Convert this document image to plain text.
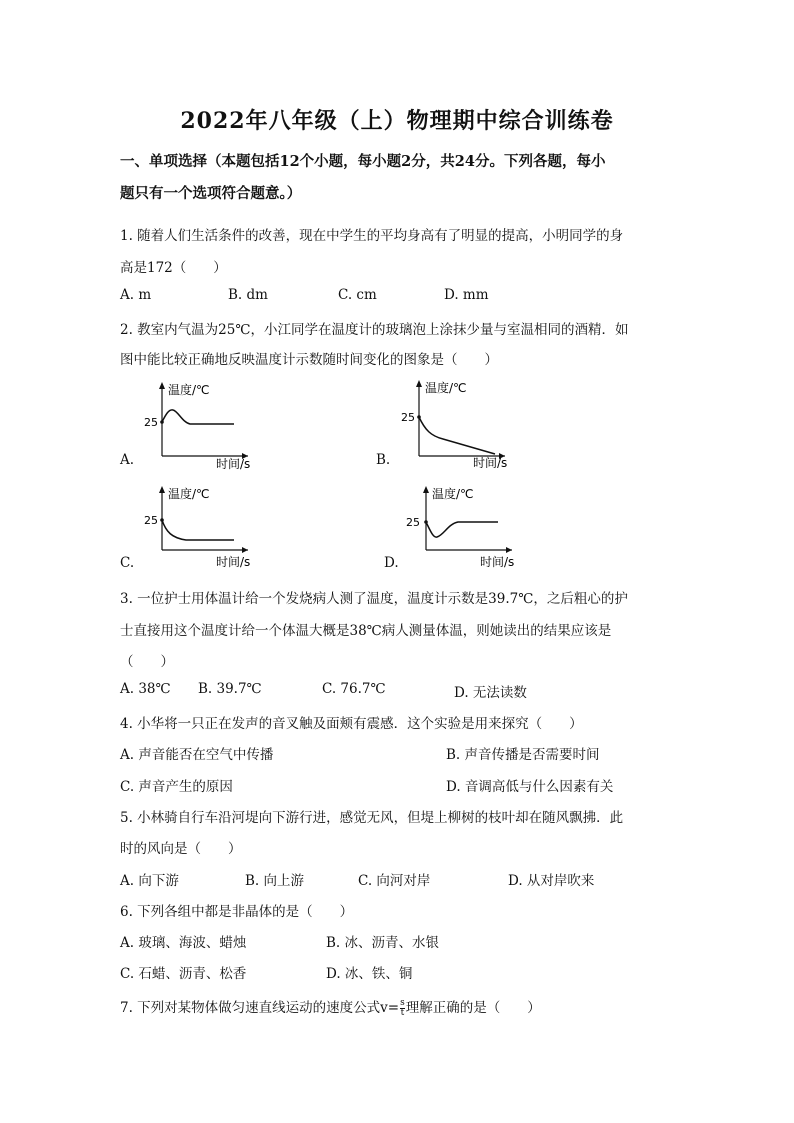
2022年八年级（上）物理期中综合训练卷
一、单项选择（本题包括12个小题，每小题2分，共24分。下列各题，每小
题只有一个选项符合题意。）
1. 随着人们生活条件的改善，现在中学生的平均身高有了明显的提高，小明同学的身
高是172（　　）
A. m	B. dm	C. cm	D. mm
2. 教室内气温为25℃，小江同学在温度计的玻璃泡上涂抹少量与室温相同的酒精．如
图中能比较正确地反映温度计示数随时间变化的图象是（　　）
A.
25
温度/℃
时间/s	B.
25
温度/℃
时间/s
C.
25
温度/℃
时间/s	D.
25
温度/℃
时间/s
3. 一位护士用体温计给一个发烧病人测了温度，温度计示数是39.7℃，之后粗心的护
士直接用这个温度计给一个体温大概是38℃病人测量体温，则她读出的结果应该是
（　　）
A. 38℃ B. 39.7℃	C. 76.7℃	D. 无法读数
4. 小华将一只正在发声的音叉触及面颊有震感．这个实验是用来探究（　　）
A. 声音能否在空气中传播	B. 声音传播是否需要时间
C. 声音产生的原因	D. 音调高低与什么因素有关
5. 小林骑自行车沿河堤向下游行进，感觉无风，但堤上柳树的枝叶却在随风飘拂．此
时的风向是（　　）
A. 向下游	B. 向上游	C. 向河对岸	D. 从对岸吹来
6. 下列各组中都是非晶体的是（　　）
A. 玻璃、海波、蜡烛	B. 冰、沥青、水银
C. 石蜡、沥青、松香	D. 冰、铁、铜
7. 下列对某物体做匀速直线运动的速度公式$v= \frac{s}{t}$ 理解正确的是（　　）
